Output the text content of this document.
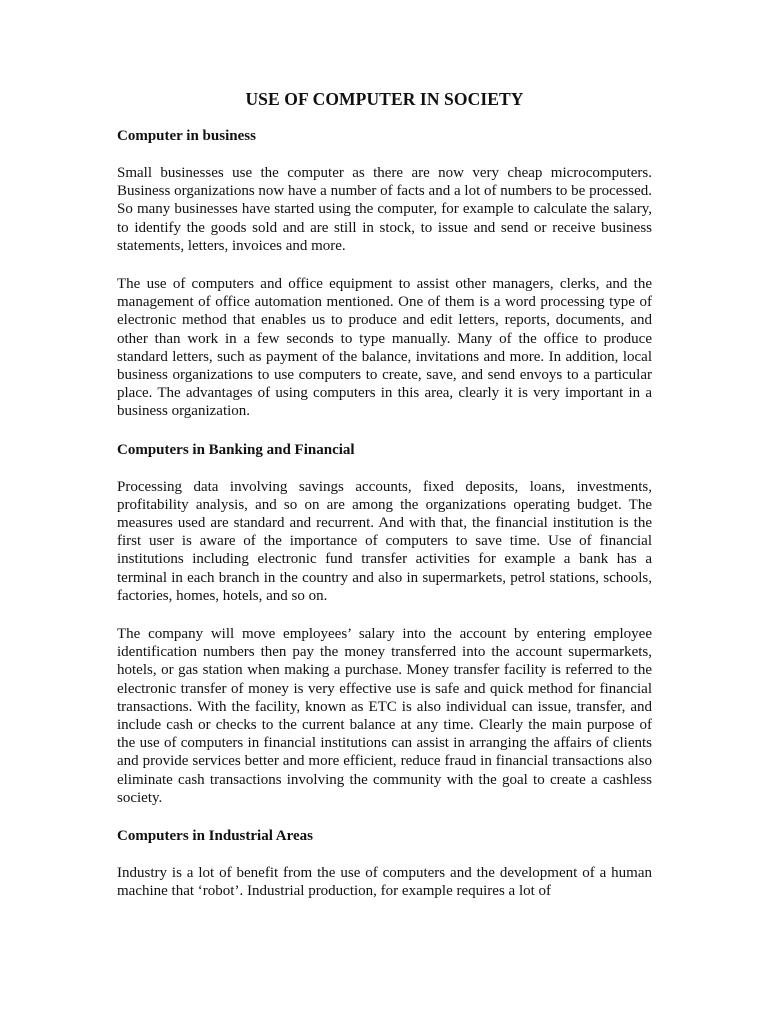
USE OF COMPUTER IN SOCIETY
Computer in business

Small businesses use the computer as there are now very cheap microcomputers. Business organizations now have a number of facts and a lot of numbers to be processed. So many businesses have started using the computer, for example to calculate the salary, to identify the goods sold and are still in stock, to issue and send or receive business statements, letters, invoices and more.

The use of computers and office equipment to assist other managers, clerks, and the management of office automation mentioned. One of them is a word processing type of electronic method that enables us to produce and edit letters, reports, documents, and other than work in a few seconds to type manually. Many of the office to produce standard letters, such as payment of the balance, invitations and more. In addition, local business organizations to use computers to create, save, and send envoys to a particular place. The advantages of using computers in this area, clearly it is very important in a business organization.

Computers in Banking and Financial

Processing data involving savings accounts, fixed deposits, loans, investments, profitability analysis, and so on are among the organizations operating budget. The measures used are standard and recurrent. And with that, the financial institution is the first user is aware of the importance of computers to save time. Use of financial institutions including electronic fund transfer activities for example a bank has a terminal in each branch in the country and also in supermarkets, petrol stations, schools, factories, homes, hotels, and so on.

The company will move employees’ salary into the account by entering employee identification numbers then pay the money transferred into the account supermarkets, hotels, or gas station when making a purchase. Money transfer facility is referred to the electronic transfer of money is very effective use is safe and quick method for financial transactions. With the facility, known as ETC is also individual can issue, transfer, and include cash or checks to the current balance at any time. Clearly the main purpose of the use of computers in financial institutions can assist in arranging the affairs of clients and provide services better and more efficient, reduce fraud in financial transactions also eliminate cash transactions involving the community with the goal to create a cashless society.

Computers in Industrial Areas

Industry is a lot of benefit from the use of computers and the development of a human machine that ‘robot’. Industrial production, for example requires a lot of
